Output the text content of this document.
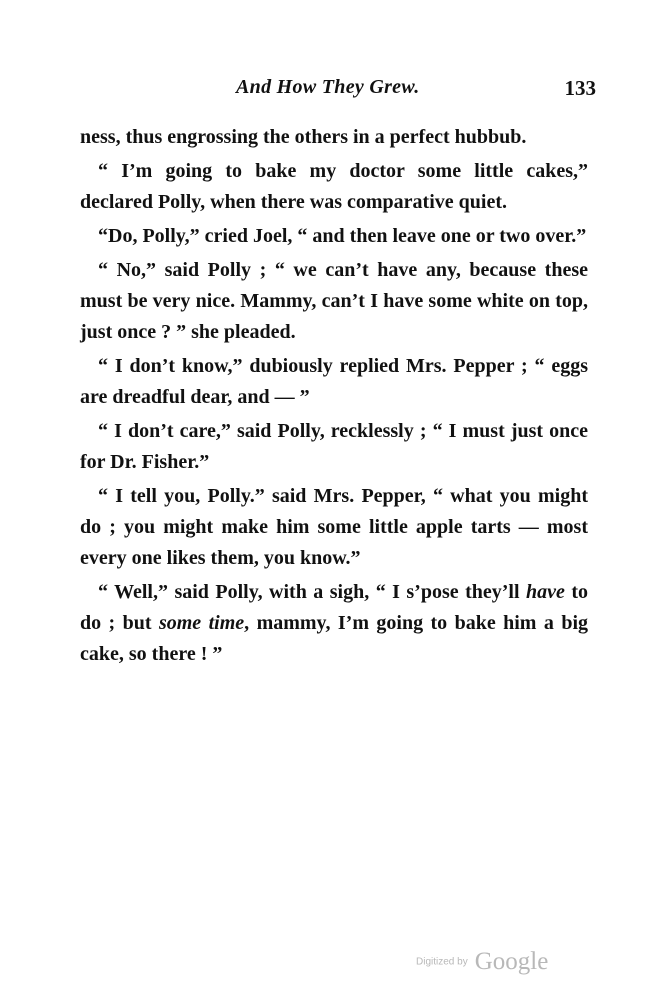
And How They Grew.	133

ness, thus engrossing the others in a perfect hubbub.

“ I’m going to bake my doctor some little cakes,” declared Polly, when there was comparative quiet.

“Do, Polly,” cried Joel, “ and then leave one or two over.”

“ No,” said Polly ; “ we can’t have any, because these must be very nice. Mammy, can’t I have some white on top, just once ? ” she pleaded.

“ I don’t know,” dubiously replied Mrs. Pepper ; “ eggs are dreadful dear, and — ”

“ I don’t care,” said Polly, recklessly ; “ I must just once for Dr. Fisher.”

“ I tell you, Polly.” said Mrs. Pepper, “ what you might do ; you might make him some little apple tarts — most every one likes them, you know.”

“ Well,” said Polly, with a sigh, “ I s’pose they’ll have to do ; but some time, mammy, I’m going to bake him a big cake, so there ! ”

Digitized by Google
